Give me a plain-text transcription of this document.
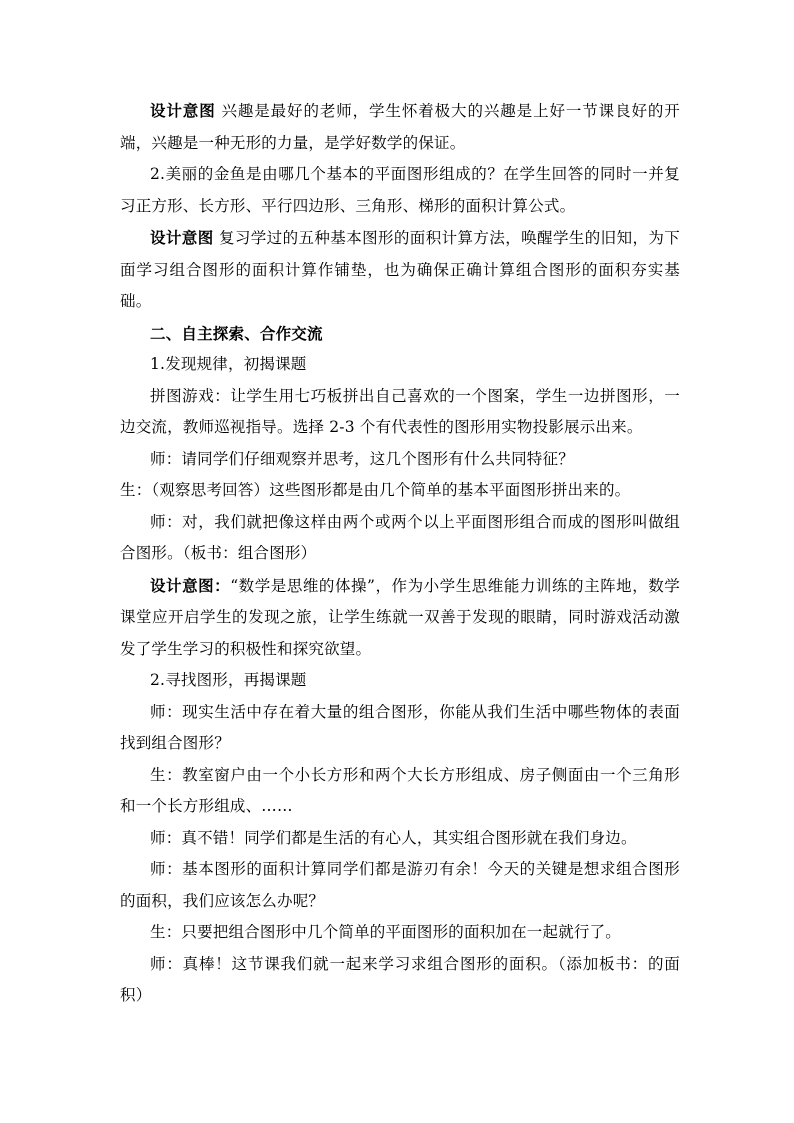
设计意图 兴趣是最好的老师，学生怀着极大的兴趣是上好一节课良好的开端，兴趣是一种无形的力量，是学好数学的保证。

2.美丽的金鱼是由哪几个基本的平面图形组成的？在学生回答的同时一并复习正方形、长方形、平行四边形、三角形、梯形的面积计算公式。

设计意图 复习学过的五种基本图形的面积计算方法，唤醒学生的旧知，为下面学习组合图形的面积计算作铺垫，也为确保正确计算组合图形的面积夯实基础。

二、自主探索、合作交流

1.发现规律，初揭课题

拼图游戏：让学生用七巧板拼出自己喜欢的一个图案，学生一边拼图形，一边交流，教师巡视指导。选择 2-3 个有代表性的图形用实物投影展示出来。

师：请同学们仔细观察并思考，这几个图形有什么共同特征？

生：（观察思考回答）这些图形都是由几个简单的基本平面图形拼出来的。

师：对，我们就把像这样由两个或两个以上平面图形组合而成的图形叫做组合图形。（板书：组合图形）

设计意图：“数学是思维的体操”，作为小学生思维能力训练的主阵地，数学课堂应开启学生的发现之旅，让学生练就一双善于发现的眼睛，同时游戏活动激发了学生学习的积极性和探究欲望。

2.寻找图形，再揭课题

师：现实生活中存在着大量的组合图形，你能从我们生活中哪些物体的表面找到组合图形？

生：教室窗户由一个小长方形和两个大长方形组成、房子侧面由一个三角形和一个长方形组成、……

师：真不错！同学们都是生活的有心人，其实组合图形就在我们身边。

师：基本图形的面积计算同学们都是游刃有余！今天的关键是想求组合图形的面积，我们应该怎么办呢？

生：只要把组合图形中几个简单的平面图形的面积加在一起就行了。

师：真棒！这节课我们就一起来学习求组合图形的面积。（添加板书：的面积）
